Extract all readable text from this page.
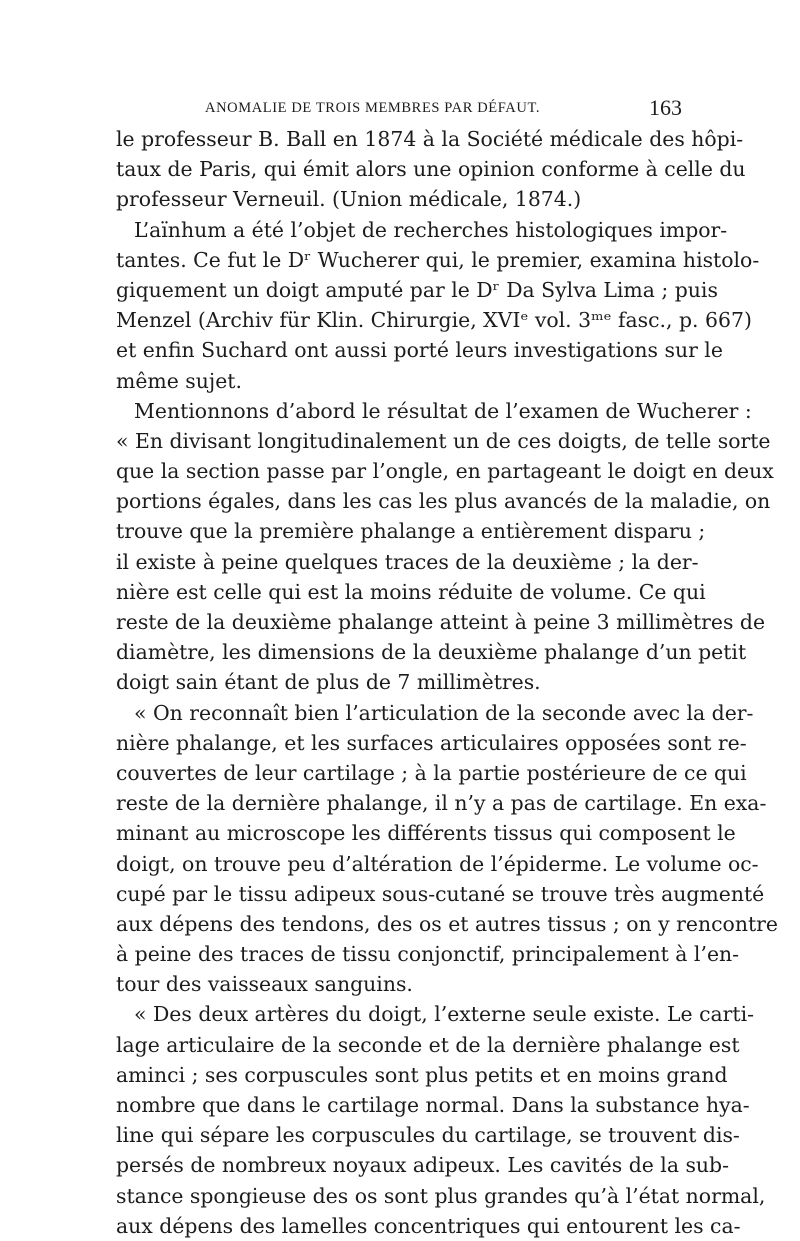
ANOMALIE DE TROIS MEMBRES PAR DÉFAUT.	163
le professeur B. Ball en 1874 à la Société médicale des hôpi-
taux de Paris, qui émit alors une opinion conforme à celle du
professeur Verneuil. (Union médicale, 1874.)
L’aïnhum a été l’objet de recherches histologiques impor-
tantes. Ce fut le Dʳ Wucherer qui, le premier, examina histolo-
giquement un doigt amputé par le Dʳ Da Sylva Lima ; puis
Menzel (Archiv für Klin. Chirurgie, XVIᵉ vol. 3ᵐᵉ fasc., p. 667)
et enfin Suchard ont aussi porté leurs investigations sur le
même sujet.
Mentionnons d’abord le résultat de l’examen de Wucherer :
« En divisant longitudinalement un de ces doigts, de telle sorte
que la section passe par l’ongle, en partageant le doigt en deux
portions égales, dans les cas les plus avancés de la maladie, on
trouve que la première phalange a entièrement disparu ;
il existe à peine quelques traces de la deuxième ; la der-
nière est celle qui est la moins réduite de volume. Ce qui
reste de la deuxième phalange atteint à peine 3 millimètres de
diamètre, les dimensions de la deuxième phalange d’un petit
doigt sain étant de plus de 7 millimètres.
« On reconnaît bien l’articulation de la seconde avec la der-
nière phalange, et les surfaces articulaires opposées sont re-
couvertes de leur cartilage ; à la partie postérieure de ce qui
reste de la dernière phalange, il n’y a pas de cartilage. En exa-
minant au microscope les différents tissus qui composent le
doigt, on trouve peu d’altération de l’épiderme. Le volume oc-
cupé par le tissu adipeux sous-cutané se trouve très augmenté
aux dépens des tendons, des os et autres tissus ; on y rencontre
à peine des traces de tissu conjonctif, principalement à l’en-
tour des vaisseaux sanguins.
« Des deux artères du doigt, l’externe seule existe. Le carti-
lage articulaire de la seconde et de la dernière phalange est
aminci ; ses corpuscules sont plus petits et en moins grand
nombre que dans le cartilage normal. Dans la substance hya-
line qui sépare les corpuscules du cartilage, se trouvent dis-
persés de nombreux noyaux adipeux. Les cavités de la sub-
stance spongieuse des os sont plus grandes qu’à l’état normal,
aux dépens des lamelles concentriques qui entourent les ca-
